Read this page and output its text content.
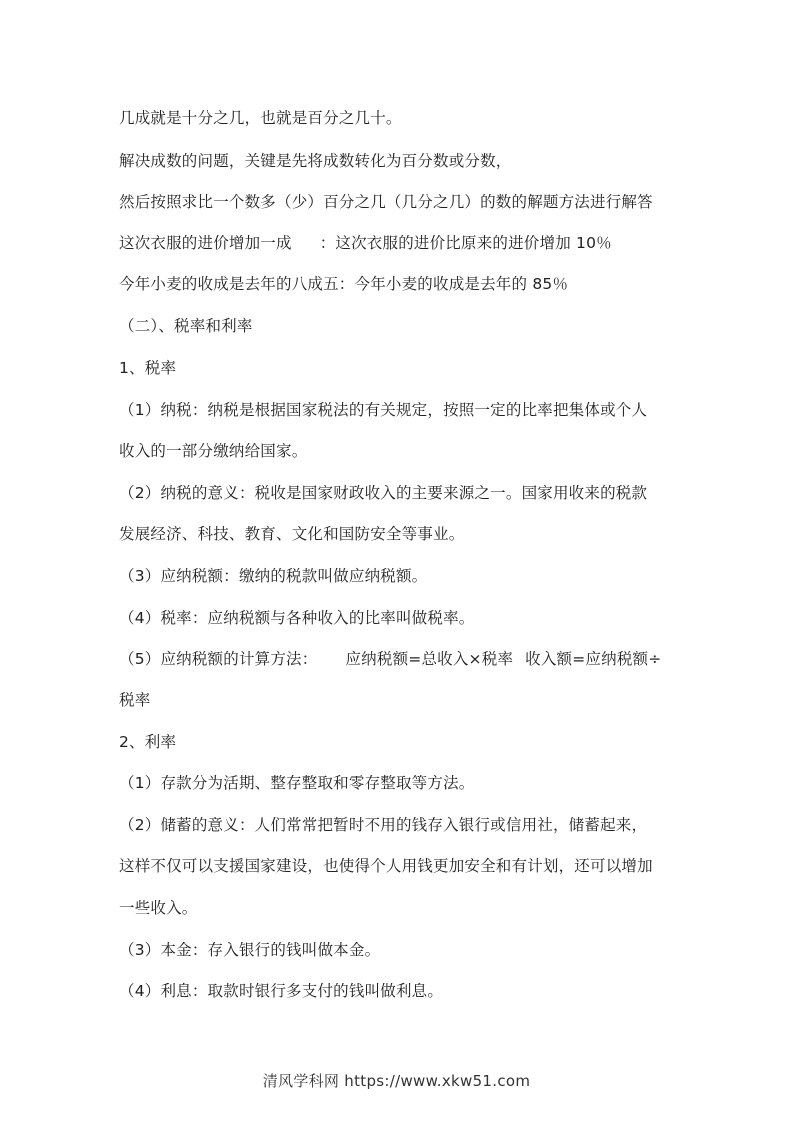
几成就是十分之几，也就是百分之几十。
解决成数的问题，关键是先将成数转化为百分数或分数，
然后按照求比一个数多（少）百分之几（几分之几）的数的解题方法进行解答
这次衣服的进价增加一成 ：这次衣服的进价比原来的进价增加 10％
今年小麦的收成是去年的八成五：今年小麦的收成是去年的 85％
（二）、税率和利率
1、税率
（1）纳税：纳税是根据国家税法的有关规定，按照一定的比率把集体或个人
收入的一部分缴纳给国家。
（2）纳税的意义：税收是国家财政收入的主要来源之一。国家用收来的税款
发展经济、科技、教育、文化和国防安全等事业。
（3）应纳税额：缴纳的税款叫做应纳税额。
（4）税率：应纳税额与各种收入的比率叫做税率。
（5）应纳税额的计算方法： 应纳税额=总收入×税率 收入额=应纳税额÷
税率
2、利率
（1）存款分为活期、整存整取和零存整取等方法。
（2）储蓄的意义：人们常常把暂时不用的钱存入银行或信用社，储蓄起来，
这样不仅可以支援国家建设，也使得个人用钱更加安全和有计划，还可以增加
一些收入。
（3）本金：存入银行的钱叫做本金。
（4）利息：取款时银行多支付的钱叫做利息。
清风学科网 https://www.xkw51.com
